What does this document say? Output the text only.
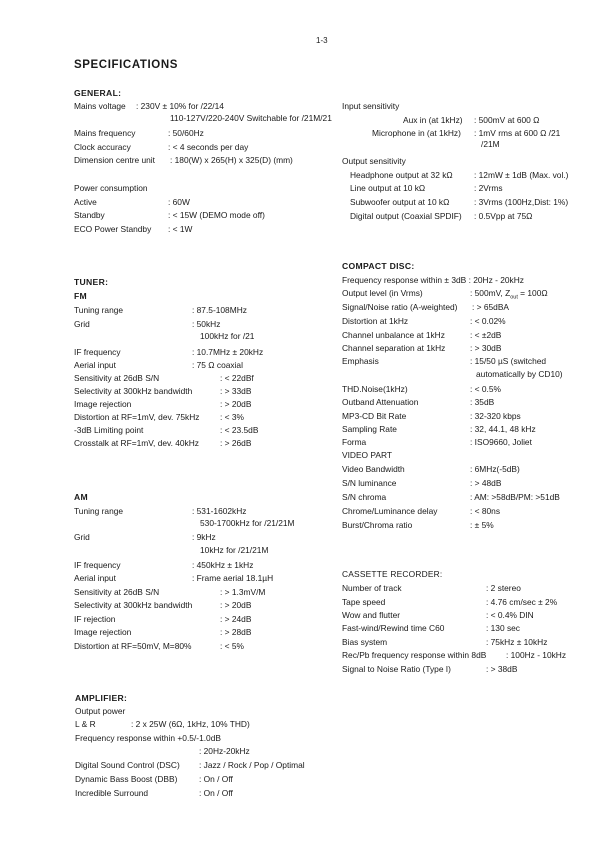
1-3
SPECIFICATIONS
GENERAL:
Mains voltage : 230V ± 10% for /22/14
110-127V/220-240V Switchable for /21M/21
Mains frequency	: 50/60Hz
Clock accuracy	: < 4 seconds per day
Dimension centre unit : 180(W) x 265(H) x 325(D) (mm)
Power consumption
Active	: 60W
Standby	: < 15W (DEMO mode off)
ECO Power Standby : < 1W
TUNER:
FM
Tuning range	: 87.5-108MHz
Grid	: 50kHz
100kHz for /21
IF frequency	: 10.7MHz ± 20kHz
Aerial input	: 75 Ω coaxial
Sensitivity at 26dB S/N	: < 22dBf
Selectivity at 300kHz bandwidth	: > 33dB
Image rejection	: > 20dB
Distortion at RF=1mV, dev. 75kHz : < 3%
-3dB Limiting point	: < 23.5dB
Crosstalk at RF=1mV, dev. 40kHz	: > 26dB
AM
Tuning range	: 531-1602kHz
530-1700kHz for /21/21M
Grid	: 9kHz
10kHz for /21/21M
IF frequency	: 450kHz ± 1kHz
Aerial input	: Frame aerial 18.1µH
Sensitivity at 26dB S/N	: > 1.3mV/M
Selectivity at 300kHz bandwidth	: > 20dB
IF rejection	: > 24dB
Image rejection	: > 28dB
Distortion at RF=50mV, M=80%	: < 5%
AMPLIFIER:
Output power
L & R	: 2 x 25W (6Ω, 1kHz, 10% THD)
Frequency response within +0.5/-1.0dB
: 20Hz-20kHz
Digital Sound Control (DSC) : Jazz / Rock / Pop / Optimal
Dynamic Bass Boost (DBB)	: On / Off
Incredible Surround	: On / Off
Input sensitivity
Aux in (at 1kHz) : 500mV at 600 Ω
Microphone in (at 1kHz) : 1mV rms at 600 Ω /21
/21M
Output sensitivity
Headphone output at 32 kΩ	: 12mW ± 1dB (Max. vol.)
Line output at 10 kΩ	: 2Vrms
Subwoofer output at 10 kΩ	: 3Vrms (100Hz,Dist: 1%)
Digital output (Coaxial SPDIF) : 0.5Vpp at 75Ω
COMPACT DISC:
Frequency response within ± 3dB : 20Hz - 20kHz
Output level (in Vrms)	: 500mV, $Z_{out} = 100\Omega$
Signal/Noise ratio (A-weighted) : > 65dBA
Distortion at 1kHz	: < 0.02%
Channel unbalance at 1kHz	: < ±2dB
Channel separation at 1kHz	: > 30dB
Emphasis	: 15/50 µS (switched
automatically by CD10)
THD.Noise(1kHz)	: < 0.5%
Outband Attenuation	: 35dB
MP3-CD Bit Rate	: 32-320 kbps
Sampling Rate	: 32, 44.1, 48 kHz
Forma	: ISO9660, Joliet
VIDEO PART
Video Bandwidth	: 6MHz(-5dB)
S/N luminance	: > 48dB
S/N chroma	: AM: >58dB/PM: >51dB
Chrome/Luminance delay	: < 80ns
Burst/Chroma ratio	: ± 5%
CASSETTE RECORDER:
Number of track	: 2 stereo
Tape speed	: 4.76 cm/sec ± 2%
Wow and flutter	: < 0.4% DIN
Fast-wind/Rewind time C60	: 130 sec
Bias system	: 75kHz ± 10kHz
Rec/Pb frequency response within 8dB : 100Hz - 10kHz
Signal to Noise Ratio (Type I)	: > 38dB
